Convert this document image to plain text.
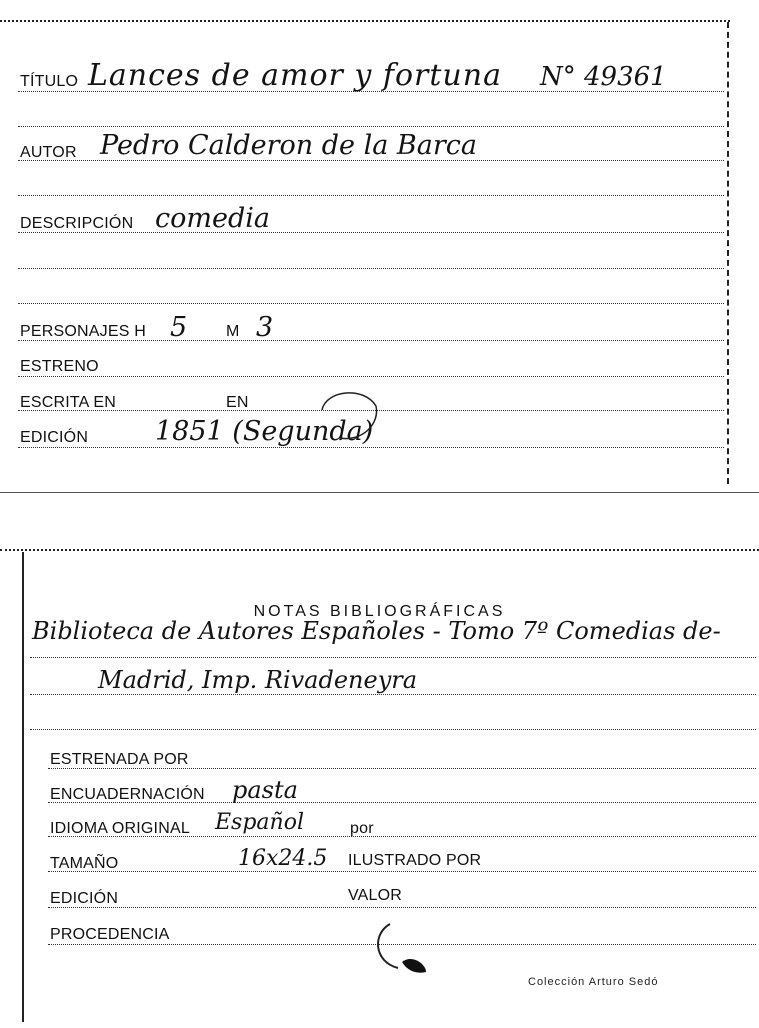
TÍTULO Lances de amor y fortuna N° 49361
AUTOR Pedro Calderon de la Barca
DESCRIPCIÓN comedia
PERSONAJES H 5 M 3
ESTRENO
ESCRITA EN	EN
EDICIÓN 1851 (Segunda)
NOTAS BIBLIOGRÁFICAS
Biblioteca de Autores Españoles - Tomo 7º Comedias de-
Madrid, Imp. Rivadeneyra
ESTRENADA POR
ENCUADERNACIÓN pasta
IDIOMA ORIGINAL Español	por
TAMAÑO	16x24.5 ILUSTRADO POR
EDICIÓN	VALOR
PROCEDENCIA
Colección Arturo Sedó
